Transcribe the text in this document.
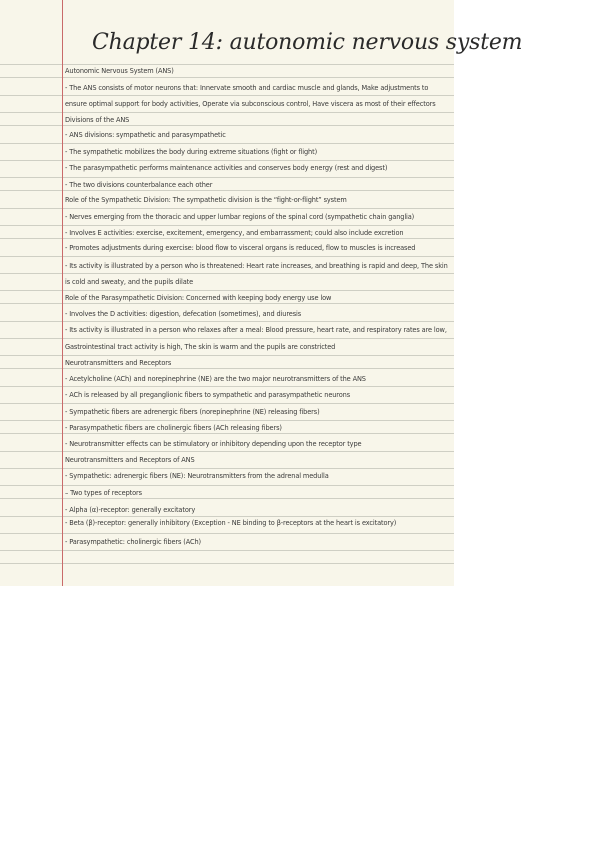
Chapter 14: autonomic nervous system
Autonomic Nervous System (ANS)
- The ANS consists of motor neurons that: Innervate smooth and cardiac muscle and glands, Make adjustments to
ensure optimal support for body activities, Operate via subconscious control, Have viscera as most of their effectors
Divisions of the ANS
- ANS divisions: sympathetic and parasympathetic
- The sympathetic mobilizes the body during extreme situations (fight or flight)
- The parasympathetic performs maintenance activities and conserves body energy (rest and digest)
- The two divisions counterbalance each other
Role of the Sympathetic Division: The sympathetic division is the “fight-or-flight” system
- Nerves emerging from the thoracic and upper lumbar regions of the spinal cord (sympathetic chain ganglia)
- Involves E activities: exercise, excitement, emergency, and embarrassment; could also include excretion
- Promotes adjustments during exercise: blood flow to visceral organs is reduced, flow to muscles is increased
- Its activity is illustrated by a person who is threatened: Heart rate increases, and breathing is rapid and deep, The skin
is cold and sweaty, and the pupils dilate
Role of the Parasympathetic Division: Concerned with keeping body energy use low
- Involves the D activities: digestion, defecation (sometimes), and diuresis
- Its activity is illustrated in a person who relaxes after a meal: Blood pressure, heart rate, and respiratory rates are low,
Gastrointestinal tract activity is high, The skin is warm and the pupils are constricted
Neurotransmitters and Receptors
- Acetylcholine (ACh) and norepinephrine (NE) are the two major neurotransmitters of the ANS
- ACh is released by all preganglionic fibers to sympathetic and parasympathetic neurons
- Sympathetic fibers are adrenergic fibers (norepinephrine (NE) releasing fibers)
- Parasympathetic fibers are cholinergic fibers (ACh releasing fibers)
- Neurotransmitter effects can be stimulatory or inhibitory depending upon the receptor type
Neurotransmitters and Receptors of ANS
- Sympathetic: adrenergic fibers (NE): Neurotransmitters from the adrenal medulla
– Two types of receptors
- Alpha (α)-receptor: generally excitatory
- Beta (β)-receptor: generally inhibitory (Exception - NE binding to β-receptors at the heart is excitatory)
- Parasympathetic: cholinergic fibers (ACh)
